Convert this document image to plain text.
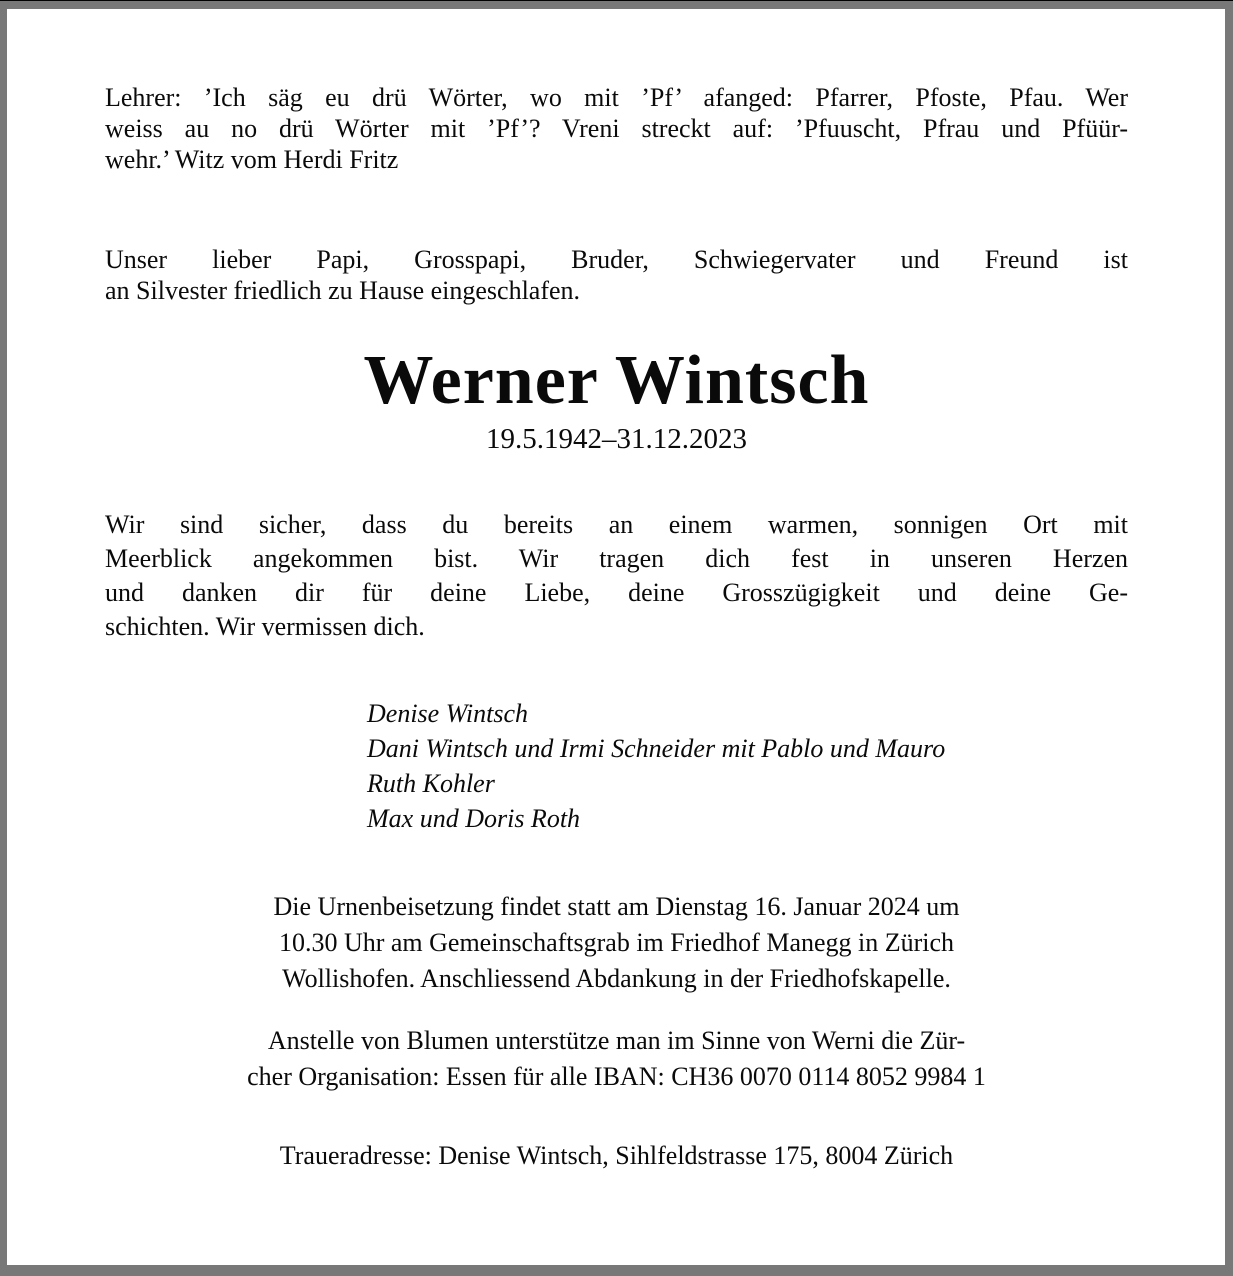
Lehrer: ’Ich säg eu drü Wörter, wo mit ’Pf’ afanged: Pfarrer, Pfoste, Pfau. Wer
weiss au no drü Wörter mit ’Pf’? Vreni streckt auf: ’Pfuuscht, Pfrau und Pfüür-
wehr.’ Witz vom Herdi Fritz
Unser lieber Papi, Grosspapi, Bruder, Schwiegervater und Freund ist
an Silvester friedlich zu Hause eingeschlafen.
Werner Wintsch
19.5.1942–31.12.2023
Wir sind sicher, dass du bereits an einem warmen, sonnigen Ort mit
Meerblick angekommen bist. Wir tragen dich fest in unseren Herzen
und danken dir für deine Liebe, deine Grosszügigkeit und deine Ge-
schichten. Wir vermissen dich.
Denise Wintsch
Dani Wintsch und Irmi Schneider mit Pablo und Mauro
Ruth Kohler
Max und Doris Roth
Die Urnenbeisetzung findet statt am Dienstag 16. Januar 2024 um
10.30 Uhr am Gemeinschaftsgrab im Friedhof Manegg in Zürich
Wollishofen. Anschliessend Abdankung in der Friedhofskapelle.
Anstelle von Blumen unterstütze man im Sinne von Werni die Zür-
cher Organisation: Essen für alle IBAN: CH36 0070 0114 8052 9984 1
Traueradresse: Denise Wintsch, Sihlfeldstrasse 175, 8004 Zürich
